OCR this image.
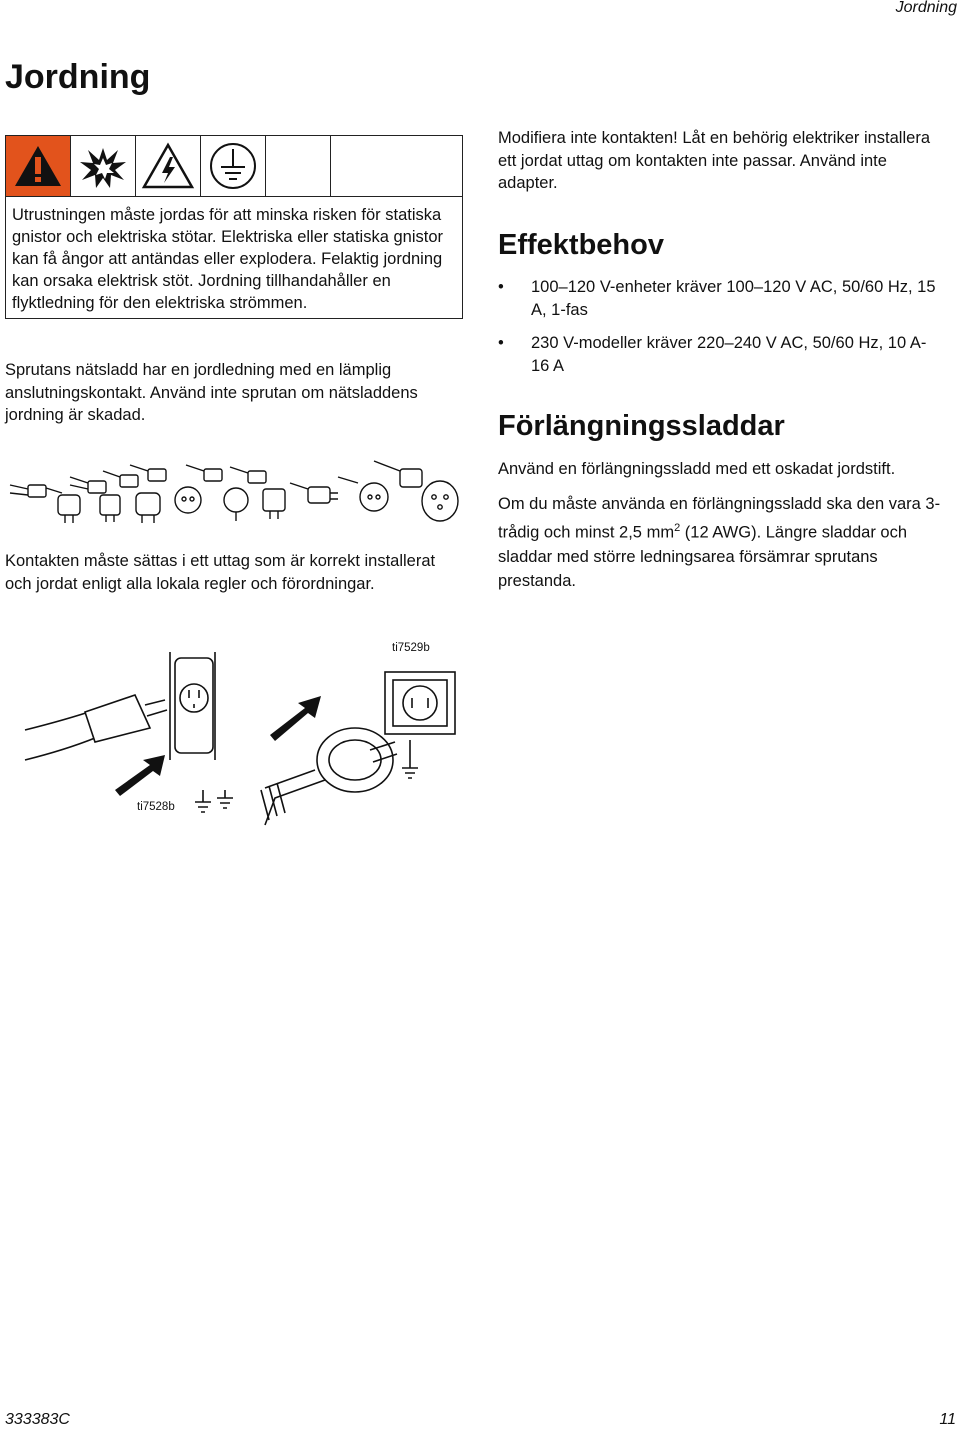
Jordning
Jordning
Utrustningen måste jordas för att minska risken för statiska gnistor och elektriska stötar. Elektriska eller statiska gnistor kan få ångor att antändas eller explodera. Felaktig jordning kan orsaka elektrisk stöt. Jordning tillhandahåller en flyktledning för den elektriska strömmen.
Sprutans nätsladd har en jordledning med en lämplig anslutningskontakt. Använd inte sprutan om nätsladdens jordning är skadad.
Kontakten måste sättas i ett uttag som är korrekt installerat och jordat enligt alla lokala regler och förordningar.
ti7528b
ti7529b
Modifiera inte kontakten! Låt en behörig elektriker installera ett jordat uttag om kontakten inte passar. Använd inte adapter.
Effektbehov
• 100–120 V-enheter kräver 100–120 V AC, 50/60 Hz, 15 A, 1-fas
• 230 V-modeller kräver 220–240 V AC, 50/60 Hz, 10 A-16 A
Förlängningssladdar
Använd en förlängningssladd med ett oskadat jordstift.
Om du måste använda en förlängningssladd ska den vara 3-trådig och minst 2,5 $mm^2$ (12 AWG). Längre sladdar och sladdar med större ledningsarea försämrar sprutans prestanda.
333383C	11
